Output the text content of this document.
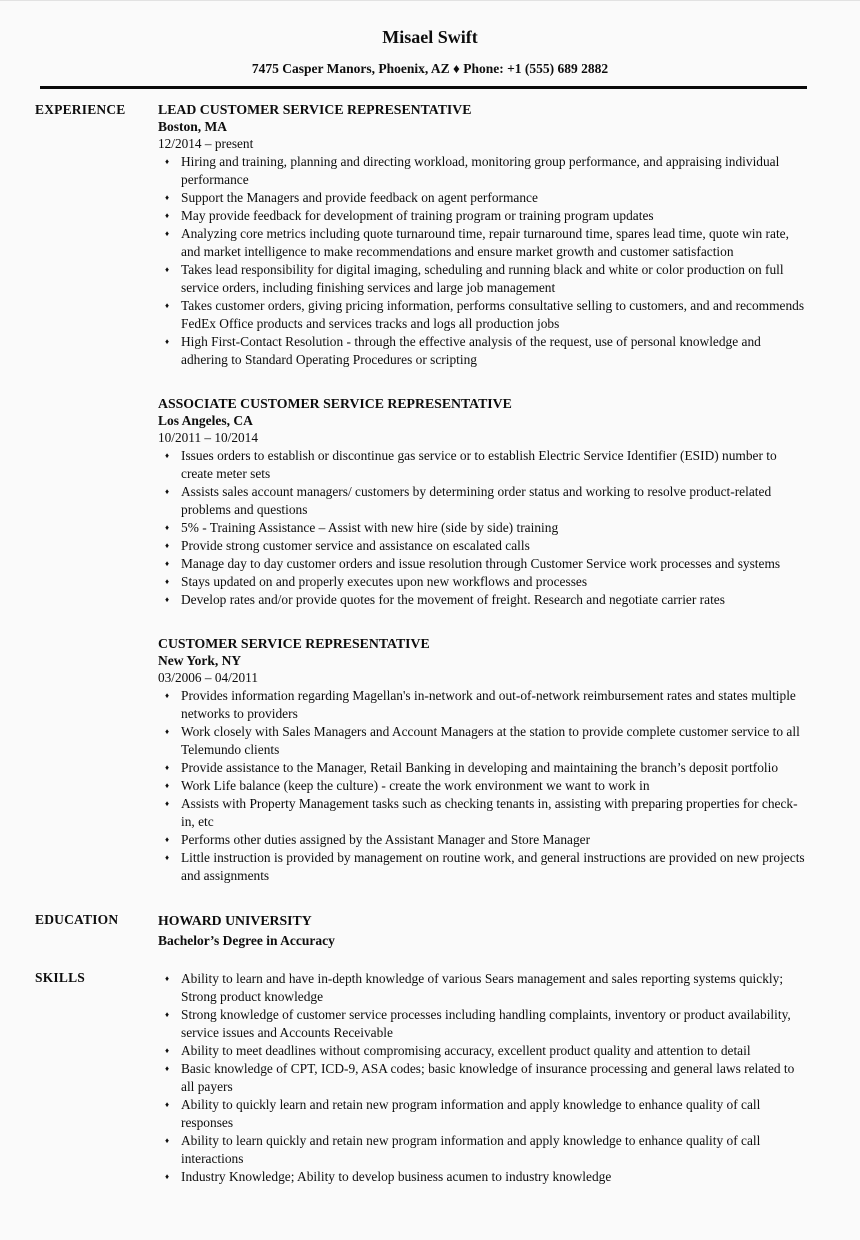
Misael Swift
7475 Casper Manors, Phoenix, AZ ♦ Phone: +1 (555) 689 2882
EXPERIENCE	LEAD CUSTOMER SERVICE REPRESENTATIVE
Boston, MA
12/2014 – present
♦ Hiring and training, planning and directing workload, monitoring group performance, and appraising individual performance
♦ Support the Managers and provide feedback on agent performance
♦ May provide feedback for development of training program or training program updates
♦ Analyzing core metrics including quote turnaround time, repair turnaround time, spares lead time, quote win rate, and market intelligence to make recommendations and ensure market growth and customer satisfaction
♦ Takes lead responsibility for digital imaging, scheduling and running black and white or color production on full service orders, including finishing services and large job management
♦ Takes customer orders, giving pricing information, performs consultative selling to customers, and and recommends FedEx Office products and services tracks and logs all production jobs
♦ High First-Contact Resolution - through the effective analysis of the request, use of personal knowledge and adhering to Standard Operating Procedures or scripting
ASSOCIATE CUSTOMER SERVICE REPRESENTATIVE
Los Angeles, CA
10/2011 – 10/2014
♦ Issues orders to establish or discontinue gas service or to establish Electric Service Identifier (ESID) number to create meter sets
♦ Assists sales account managers/ customers by determining order status and working to resolve product-related problems and questions
♦ 5% - Training Assistance – Assist with new hire (side by side) training
♦ Provide strong customer service and assistance on escalated calls
♦ Manage day to day customer orders and issue resolution through Customer Service work processes and systems
♦ Stays updated on and properly executes upon new workflows and processes
♦ Develop rates and/or provide quotes for the movement of freight. Research and negotiate carrier rates
CUSTOMER SERVICE REPRESENTATIVE
New York, NY
03/2006 – 04/2011
♦ Provides information regarding Magellan's in-network and out-of-network reimbursement rates and states multiple networks to providers
♦ Work closely with Sales Managers and Account Managers at the station to provide complete customer service to all Telemundo clients
♦ Provide assistance to the Manager, Retail Banking in developing and maintaining the branch’s deposit portfolio
♦ Work Life balance (keep the culture) - create the work environment we want to work in
♦ Assists with Property Management tasks such as checking tenants in, assisting with preparing properties for check-in, etc
♦ Performs other duties assigned by the Assistant Manager and Store Manager
♦ Little instruction is provided by management on routine work, and general instructions are provided on new projects and assignments
EDUCATION	HOWARD UNIVERSITY
Bachelor’s Degree in Accuracy
SKILLS	♦ Ability to learn and have in-depth knowledge of various Sears management and sales reporting systems quickly; Strong product knowledge
♦ Strong knowledge of customer service processes including handling complaints, inventory or product availability, service issues and Accounts Receivable
♦ Ability to meet deadlines without compromising accuracy, excellent product quality and attention to detail
♦ Basic knowledge of CPT, ICD-9, ASA codes; basic knowledge of insurance processing and general laws related to all payers
♦ Ability to quickly learn and retain new program information and apply knowledge to enhance quality of call responses
♦ Ability to learn quickly and retain new program information and apply knowledge to enhance quality of call interactions
♦ Industry Knowledge; Ability to develop business acumen to industry knowledge
